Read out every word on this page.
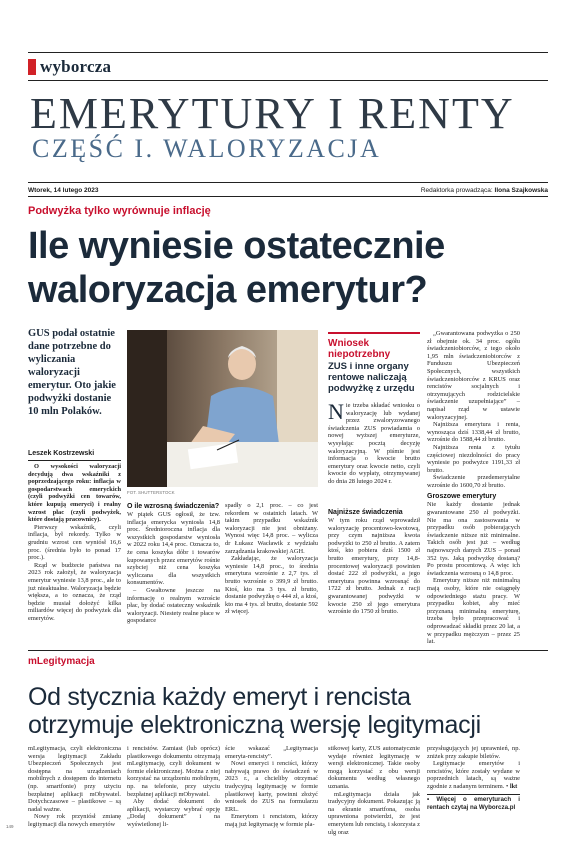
wyborcza
EMERYTURY I RENTY
CZĘŚĆ I. WALORYZACJA
Wtorek, 14 lutego 2023	Redaktorka prowadząca: Ilona Szajkowska
Podwyżka tylko wyrównuje inflację
Ile wyniesie ostatecznie
waloryzacja emerytur?
GUS podał ostatnie dane potrzebne do wyliczania waloryzacji emerytur. Oto jakie podwyżki dostanie 10 mln Polaków.
Leszek Kostrzewski

O wysokości waloryzacji decydują dwa wskaźniki z poprzedzającego roku: inflacja w gospodarstwach emeryckich (czyli podwyżki cen towarów, które kupują emeryci) i realny wzrost płac (czyli podwyżek, które dostają pracownicy).

Pierwszy wskaźnik, czyli inflacja, był rekordy. Tylko w grudniu wzrost cen wyniósł 16,6 proc. (średnia było to ponad 17 proc.).

Rząd w budżecie państwa na 2023 rok założył, że waloryzacja emerytur wyniesie 13,8 proc., ale to już nieaktualne. Waloryzacja będzie większa, a to oznacza, że rząd będzie musiał dołożyć kilka miliardów więcej do podwyżek dla emerytów.

FOT. SHUTTERSTOCK
O ile wzrosną świadczenia?

W piątek GUS ogłosił, że tzw. inflacja emerycka wyniosła 14,8 proc. Średnioroczna inflacja dla wszystkich gospodarstw wyniosła w 2022 roku 14,4 proc. Oznacza to, że cena koszyka dóbr i towarów kupowanych przez emerytów rośnie szybciej niż cena koszyka wyliczana dla wszystkich konsumentów.

– Gwałtowne jeszcze na informację o realnym wzroście płac, by dodać ostateczny wskaźnik waloryzacji. Niestety realne płace w gospodarce

spadły o 2,1 proc. – co jest rekordem w ostatnich latach. W takim przypadku wskaźnik waloryzacji nie jest obniżany. Wynosi więc 14,8 proc. – wylicza dr Łukasz Wacławik z wydziału zarządzania krakowskiej AGH.

Zakładając, że waloryzacja wyniesie 14,8 proc., to średnia emerytura wzrośnie z 2,7 tys. zł brutto wzrośnie o 399,9 zł brutto. Ktoś, kto ma 3 tys. zł brutto, dostanie podwyżkę o 444 zł, a ktoś, kto ma 4 tys. zł brutto, dostanie 592 zł więcej.

Wniosek niepotrzebny
ZUS i inne organy rentowe naliczają podwyżkę z urzędu
Nie trzeba składać wniosku o waloryzację lub wydanej przez zwaloryzowanego świadczenia ZUS powiadamia o nowej wyższej emeryturze, wysyłając pocztą decyzję waloryzacyjną. W piśmie jest informacja o kwocie brutto emerytury oraz kwocie netto, czyli kwocie do wypłaty, otrzymywanej do dnia 28 lutego 2024 r.
Najniższe świadczenia

W tym roku rząd wprowadził waloryzację procentowo-kwotową, przy czym najniższa kwota podwyżki to 250 zł brutto. A zatem ktoś, kto pobiera dziś 1500 zł brutto emerytury, przy 14,8-procentowej waloryzacji powinien dostać 222 zł podwyżki, a jego emerytura powinna wzrosnąć do 1722 zł brutto. Jednak z racji gwarantowanej podwyżki w kwocie 250 zł jego emerytura wzrośnie do 1750 zł brutto.

„Gwarantowana podwyżka o 250 zł obejmie ok. 34 proc. ogółu świadczeniobiorców, z tego około 1,95 mln świadczeniobiorców z Funduszu Ubezpieczeń Społecznych, wszystkich świadczeniobiorców z KRUS oraz rencistów socjalnych i otrzymujących rodzicielskie świadczenie uzupełniające” – napisał rząd w ustawie waloryzacyjnej.

Najniższa emerytura i renta, wynosząca dziś 1338,44 zł brutto, wzrośnie do 1588,44 zł brutto.

Najniższa renta z tytułu częściowej niezdolności do pracy wyniesie po podwyżce 1191,33 zł brutto.

Świadczenie przedemerytalne wzrośnie do 1600,70 zł brutto.

Groszowe emerytury

Nie każdy dostanie jednak gwarantowane 250 zł podwyżki. Nie ma ona zastosowania w przypadku osób pobierających świadczenie niższe niż minimalne. Takich osób jest już – według najnowszych danych ZUS – ponad 352 tys. Jaką podwyżkę dostaną? Po prostu procentową. A więc ich świadczenia wzrosną o 14,8 proc.

Emerytury niższe niż minimalną mają osoby, które nie osiągnęły odpowiedniego stażu pracy. W przypadku kobiet, aby mieć przyznaną minimalną emeryturę, trzeba było przepracować i odprowadzać składki przez 20 lat, a w przypadku mężczyzn – przez 25 lat.

mLegitymacja
Od stycznia każdy emeryt i rencista
otrzymuje elektroniczną wersję legitymacji

mLegitymacja, czyli elektroniczna wersja legitymacji Zakładu Ubezpieczeń Społecznych jest dostępna na urządzeniach mobilnych z dostępem do internetu (np. smartfonie) przy użyciu bezpłatnej aplikacji mObywatel. Dotychczasowe – plastikowe – są nadal ważne.

Nowy rok przyniósł zmianę legitymacji dla nowych emerytów

i rencistów. Zamiast (lub oprócz) plastikowego dokumentu otrzymają mLegitymację, czyli dokument w formie elektronicznej. Można z niej korzystać na urządzeniu mobilnym, np. na telefonie, przy użyciu bezpłatnej aplikacji mObywatel.

Aby dodać dokument do aplikacji, wystarczy wybrać opcję „Dodaj dokument” i na wyświetlonej li-

ście wskazać „Legitymacja emeryta-rencisty”.

Nowi emeryci i renciści, którzy nabywają prawo do świadczeń w 2023 r., a chcieliby otrzymać tradycyjną legitymację w formie plastikowej karty, powinni złożyć wniosek do ZUS na formularzu ERL.

Emerytom i rencistom, którzy mają już legitymację w formie pla-

stikowej karty, ZUS automatycznie wydaje również legitymację w wersji elektronicznej. Takie osoby mogą korzystać z obu wersji dokumentu według własnego uznania.

mLegitymacja działa jak tradycyjny dokument. Pokazując ją na ekranie smartfona, osoba uprawniona potwierdzi, że jest emerytem lub rencistą, i skorzysta z ulg oraz

przysługujących jej uprawnień, np. zniżek przy zakupie biletów.

Legitymacje emerytów i rencistów, które zostały wydane w poprzednich latach, są ważne zgodnie z nadanym terminem. • lkt

• Więcej o emeryturach i rentach czytaj na Wyborcza.pl
149
